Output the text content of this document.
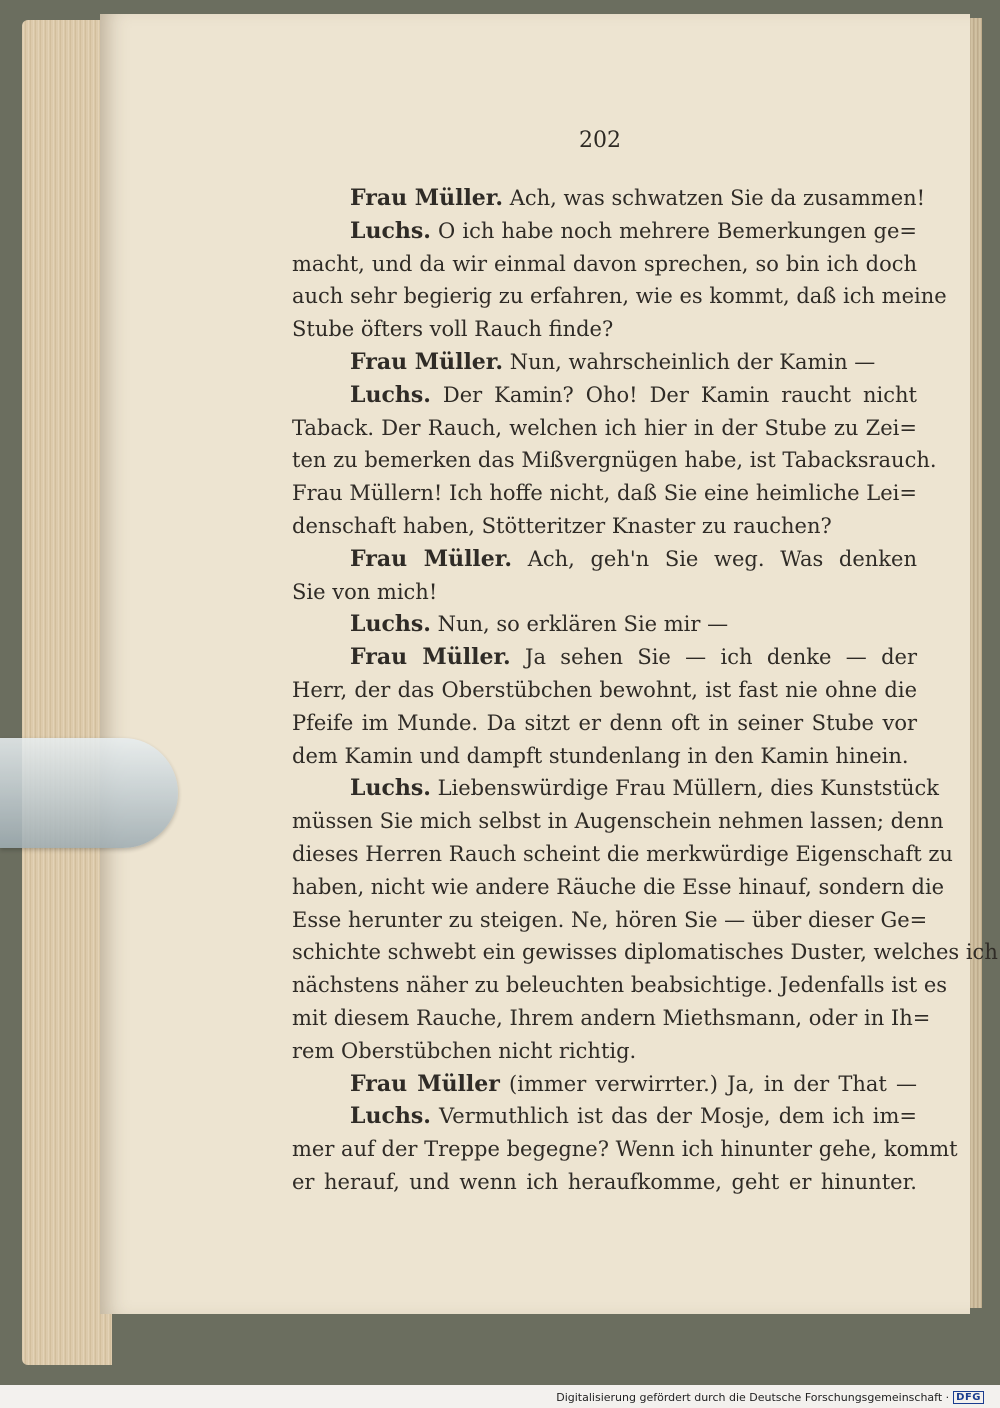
202
Frau Müller. Ach, was schwatzen Sie da zusammen!
Luchs. O ich habe noch mehrere Bemerkungen ge=
macht, und da wir einmal davon sprechen, so bin ich doch
auch sehr begierig zu erfahren, wie es kommt, daß ich meine
Stube öfters voll Rauch finde?
Frau Müller. Nun, wahrscheinlich der Kamin —
Luchs. Der Kamin? Oho! Der Kamin raucht nicht
Taback. Der Rauch, welchen ich hier in der Stube zu Zei=
ten zu bemerken das Mißvergnügen habe, ist Tabacksrauch.
Frau Müllern! Ich hoffe nicht, daß Sie eine heimliche Lei=
denschaft haben, Stötteritzer Knaster zu rauchen?
Frau Müller. Ach, geh'n Sie weg. Was denken
Sie von mich!
Luchs. Nun, so erklären Sie mir —
Frau Müller. Ja sehen Sie — ich denke — der
Herr, der das Oberstübchen bewohnt, ist fast nie ohne die
Pfeife im Munde. Da sitzt er denn oft in seiner Stube vor
dem Kamin und dampft stundenlang in den Kamin hinein.
Luchs. Liebenswürdige Frau Müllern, dies Kunststück
müssen Sie mich selbst in Augenschein nehmen lassen; denn
dieses Herren Rauch scheint die merkwürdige Eigenschaft zu
haben, nicht wie andere Räuche die Esse hinauf, sondern die
Esse herunter zu steigen. Ne, hören Sie — über dieser Ge=
schichte schwebt ein gewisses diplomatisches Duster, welches ich
nächstens näher zu beleuchten beabsichtige. Jedenfalls ist es
mit diesem Rauche, Ihrem andern Miethsmann, oder in Ih=
rem Oberstübchen nicht richtig.
Frau Müller (immer verwirrter.) Ja, in der That —
Luchs. Vermuthlich ist das der Mosje, dem ich im=
mer auf der Treppe begegne? Wenn ich hinunter gehe, kommt
er herauf, und wenn ich heraufkomme, geht er hinunter.
Digitalisierung gefördert durch die Deutsche Forschungsgemeinschaft · DFG
